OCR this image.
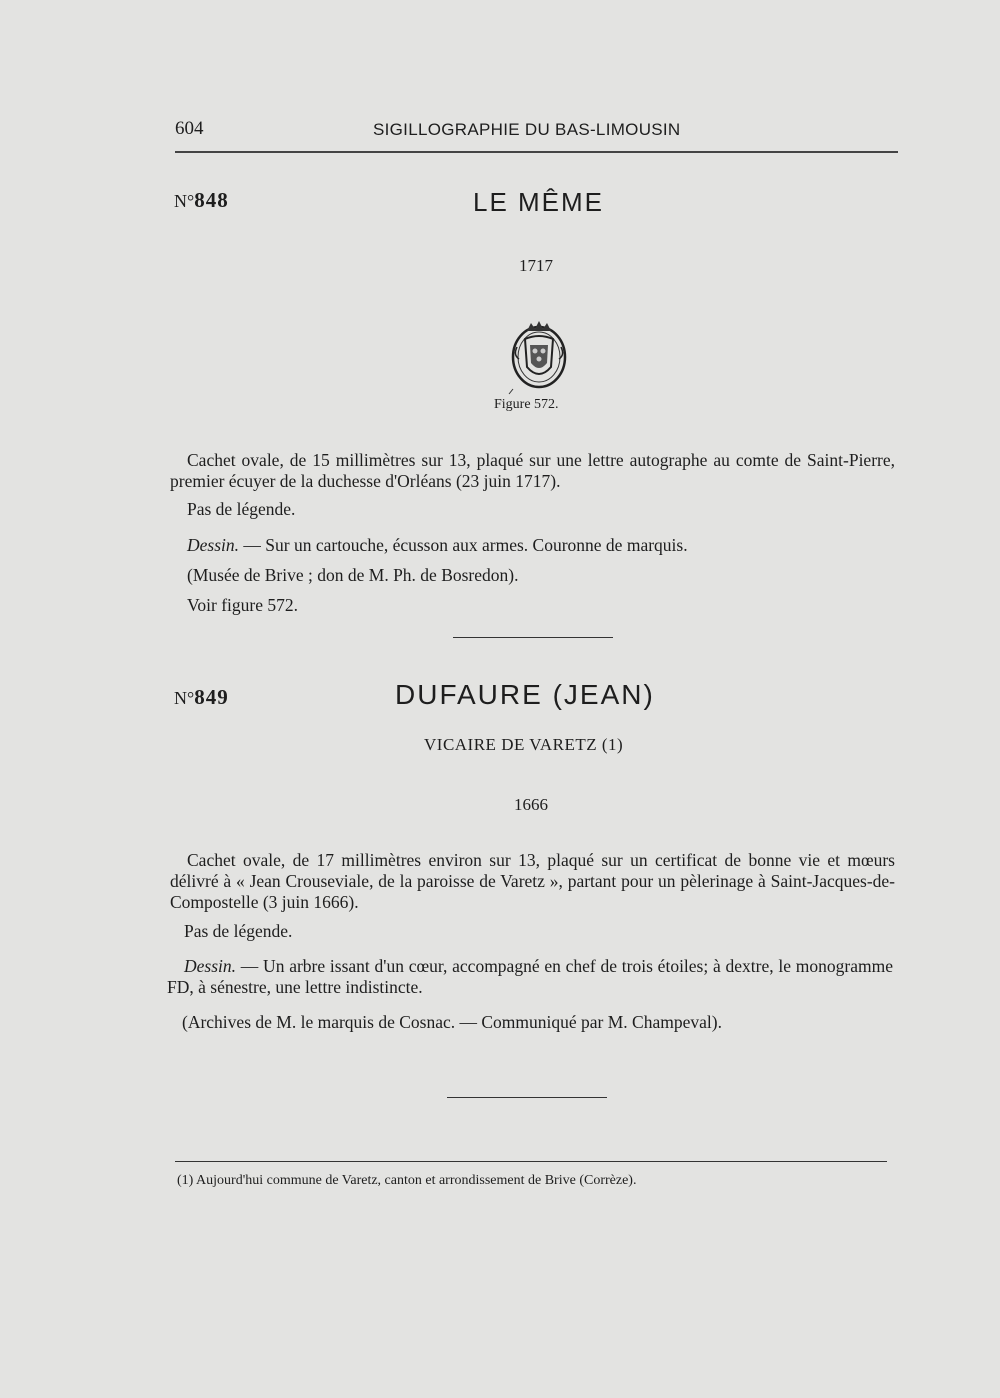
604	SIGILLOGRAPHIE DU BAS-LIMOUSIN
N°848	LE MÊME
1717
Figure 572.
Cachet ovale, de 15 millimètres sur 13, plaqué sur une lettre autographe au comte de Saint-Pierre, premier écuyer de la duchesse d'Orléans (23 juin 1717).
Pas de légende.
Dessin. — Sur un cartouche, écusson aux armes. Couronne de marquis.
(Musée de Brive ; don de M. Ph. de Bosredon).
Voir figure 572.
N°849	DUFAURE (JEAN)
VICAIRE DE VARETZ (1)
1666
Cachet ovale, de 17 millimètres environ sur 13, plaqué sur un certificat de bonne vie et mœurs délivré à « Jean Crouseviale, de la paroisse de Varetz », partant pour un pèlerinage à Saint-Jacques-de-Compostelle (3 juin 1666).
Pas de légende.
Dessin. — Un arbre issant d'un cœur, accompagné en chef de trois étoiles; à dextre, le monogramme FD, à sénestre, une lettre indistincte.
(Archives de M. le marquis de Cosnac. — Communiqué par M. Champeval).
(1) Aujourd'hui commune de Varetz, canton et arrondissement de Brive (Corrèze).
